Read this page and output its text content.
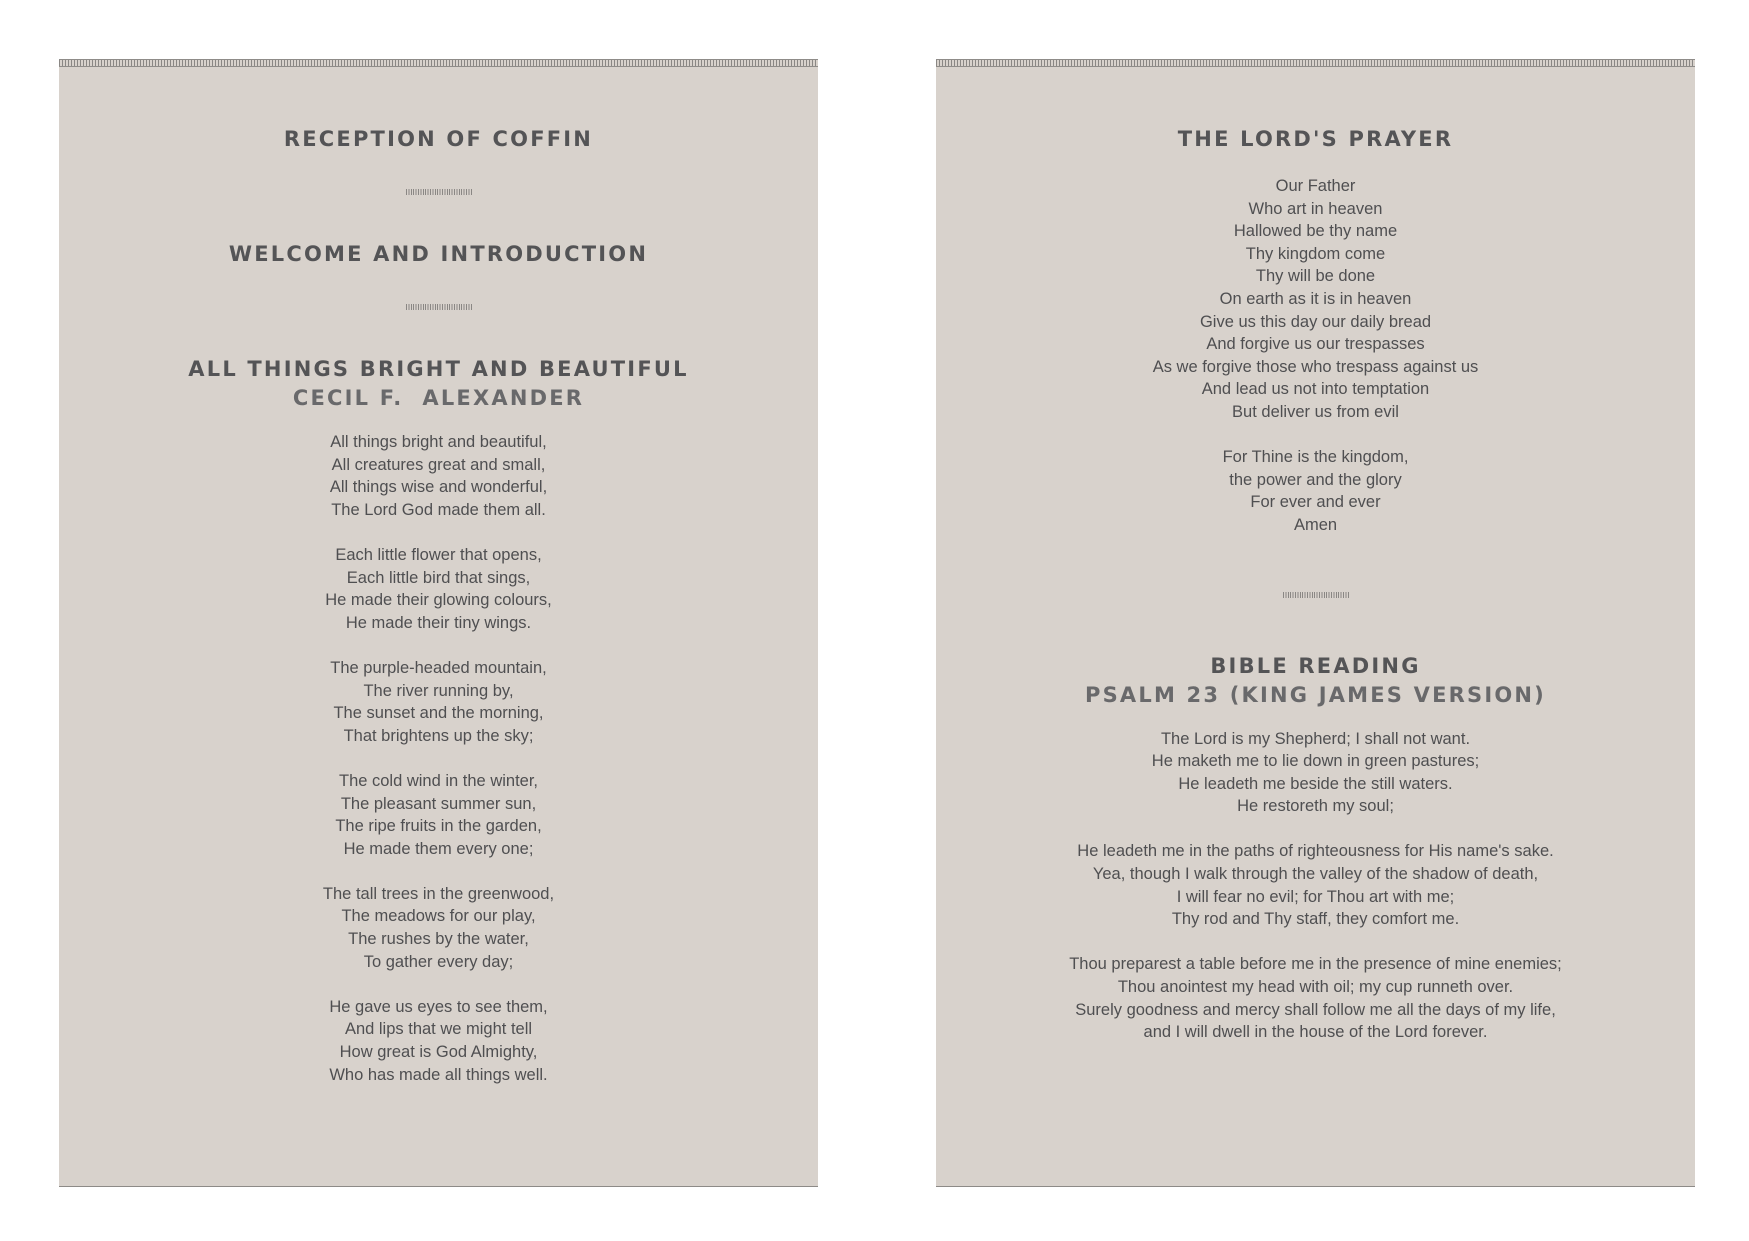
RECEPTION OF COFFIN
WELCOME AND INTRODUCTION
ALL THINGS BRIGHT AND BEAUTIFUL
CECIL F.  ALEXANDER
All things bright and beautiful,
All creatures great and small,
All things wise and wonderful,
The Lord God made them all.
Each little flower that opens,
Each little bird that sings,
He made their glowing colours,
He made their tiny wings.
The purple-headed mountain,
The river running by,
The sunset and the morning,
That brightens up the sky;
The cold wind in the winter,
The pleasant summer sun,
The ripe fruits in the garden,
He made them every one;
The tall trees in the greenwood,
The meadows for our play,
The rushes by the water,
To gather every day;
He gave us eyes to see them,
And lips that we might tell
How great is God Almighty,
Who has made all things well.
THE LORD'S PRAYER
Our Father
Who art in heaven
Hallowed be thy name
Thy kingdom come
Thy will be done
On earth as it is in heaven
Give us this day our daily bread
And forgive us our trespasses
As we forgive those who trespass against us
And lead us not into temptation
But deliver us from evil
For Thine is the kingdom,
the power and the glory
For ever and ever
Amen
BIBLE READING
PSALM 23 (KING JAMES VERSION)
The Lord is my Shepherd; I shall not want.
He maketh me to lie down in green pastures;
He leadeth me beside the still waters.
He restoreth my soul;
He leadeth me in the paths of righteousness for His name's sake.
Yea, though I walk through the valley of the shadow of death,
I will fear no evil; for Thou art with me;
Thy rod and Thy staff, they comfort me.
Thou preparest a table before me in the presence of mine enemies;
Thou anointest my head with oil; my cup runneth over.
Surely goodness and mercy shall follow me all the days of my life,
and I will dwell in the house of the Lord forever.
